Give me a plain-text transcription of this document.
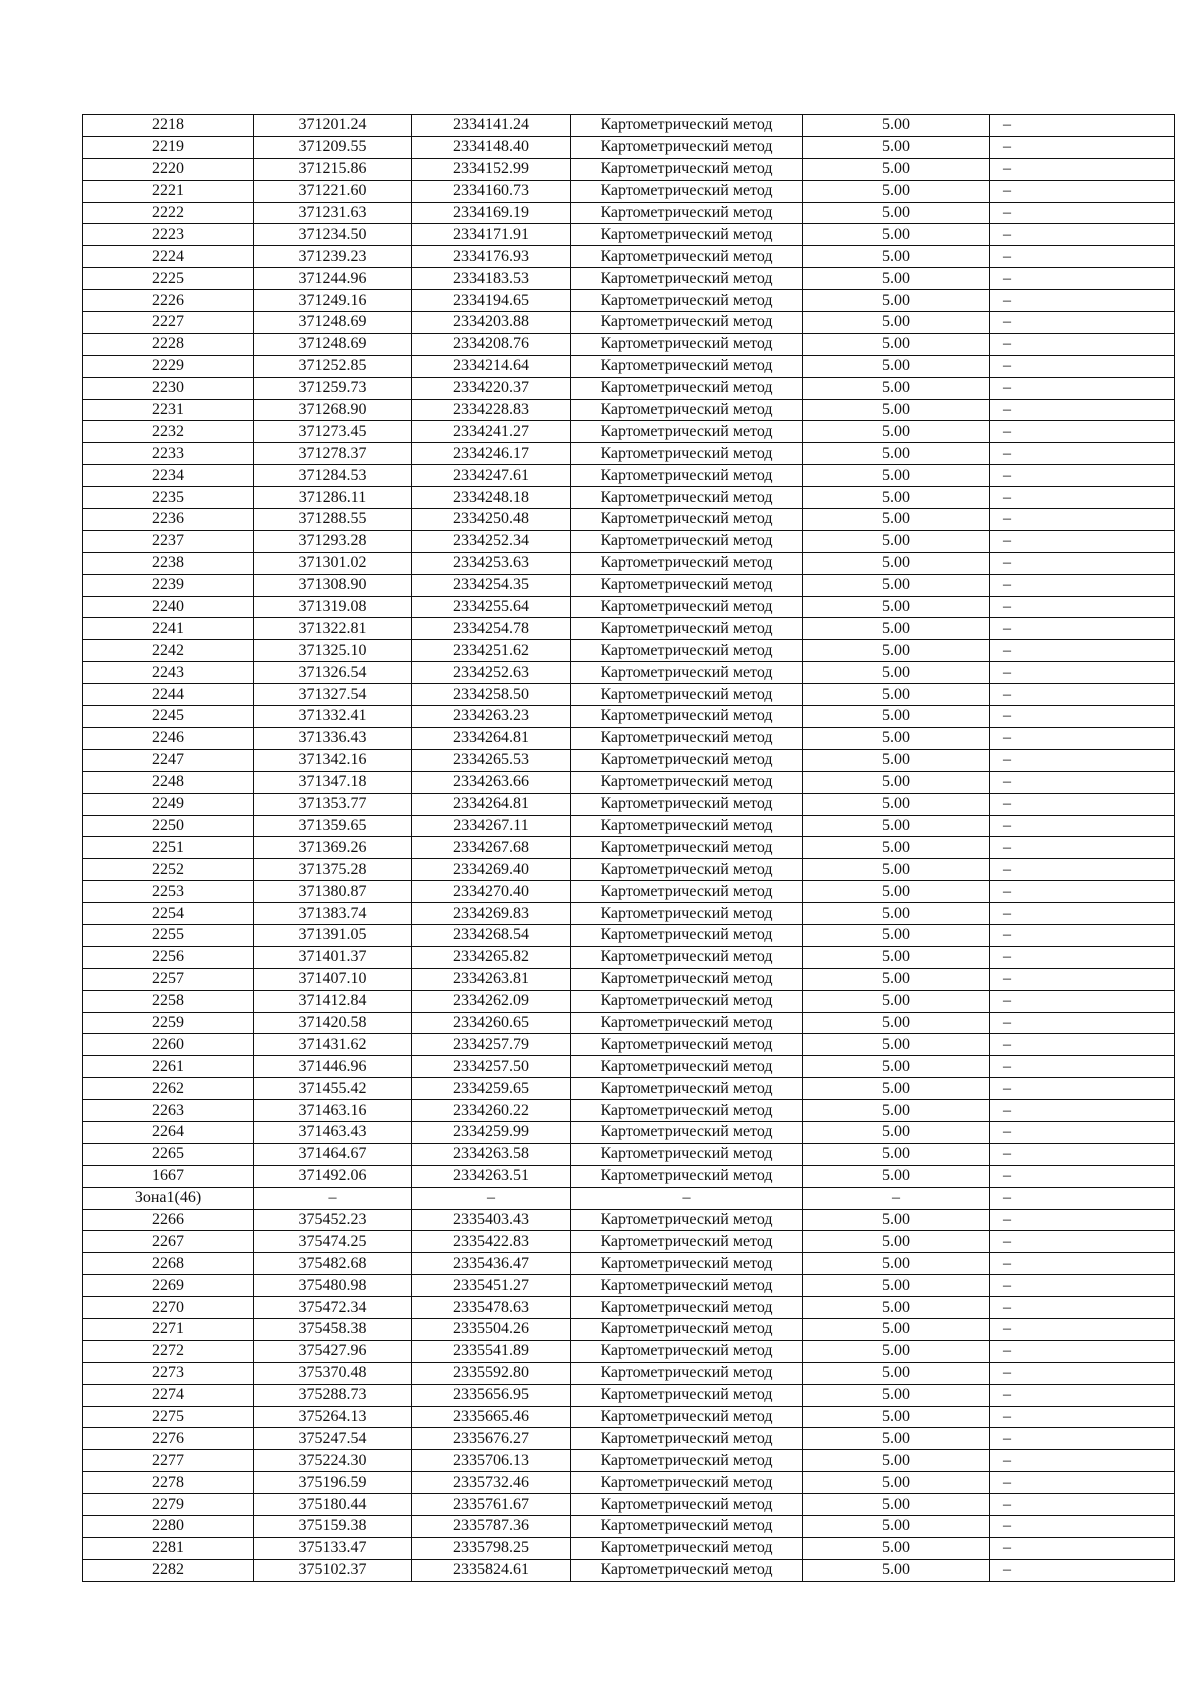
2218	371201.24	2334141.24	Картометрический метод	5.00	–
2219	371209.55	2334148.40	Картометрический метод	5.00	–
2220	371215.86	2334152.99	Картометрический метод	5.00	–
2221	371221.60	2334160.73	Картометрический метод	5.00	–
2222	371231.63	2334169.19	Картометрический метод	5.00	–
2223	371234.50	2334171.91	Картометрический метод	5.00	–
2224	371239.23	2334176.93	Картометрический метод	5.00	–
2225	371244.96	2334183.53	Картометрический метод	5.00	–
2226	371249.16	2334194.65	Картометрический метод	5.00	–
2227	371248.69	2334203.88	Картометрический метод	5.00	–
2228	371248.69	2334208.76	Картометрический метод	5.00	–
2229	371252.85	2334214.64	Картометрический метод	5.00	–
2230	371259.73	2334220.37	Картометрический метод	5.00	–
2231	371268.90	2334228.83	Картометрический метод	5.00	–
2232	371273.45	2334241.27	Картометрический метод	5.00	–
2233	371278.37	2334246.17	Картометрический метод	5.00	–
2234	371284.53	2334247.61	Картометрический метод	5.00	–
2235	371286.11	2334248.18	Картометрический метод	5.00	–
2236	371288.55	2334250.48	Картометрический метод	5.00	–
2237	371293.28	2334252.34	Картометрический метод	5.00	–
2238	371301.02	2334253.63	Картометрический метод	5.00	–
2239	371308.90	2334254.35	Картометрический метод	5.00	–
2240	371319.08	2334255.64	Картометрический метод	5.00	–
2241	371322.81	2334254.78	Картометрический метод	5.00	–
2242	371325.10	2334251.62	Картометрический метод	5.00	–
2243	371326.54	2334252.63	Картометрический метод	5.00	–
2244	371327.54	2334258.50	Картометрический метод	5.00	–
2245	371332.41	2334263.23	Картометрический метод	5.00	–
2246	371336.43	2334264.81	Картометрический метод	5.00	–
2247	371342.16	2334265.53	Картометрический метод	5.00	–
2248	371347.18	2334263.66	Картометрический метод	5.00	–
2249	371353.77	2334264.81	Картометрический метод	5.00	–
2250	371359.65	2334267.11	Картометрический метод	5.00	–
2251	371369.26	2334267.68	Картометрический метод	5.00	–
2252	371375.28	2334269.40	Картометрический метод	5.00	–
2253	371380.87	2334270.40	Картометрический метод	5.00	–
2254	371383.74	2334269.83	Картометрический метод	5.00	–
2255	371391.05	2334268.54	Картометрический метод	5.00	–
2256	371401.37	2334265.82	Картометрический метод	5.00	–
2257	371407.10	2334263.81	Картометрический метод	5.00	–
2258	371412.84	2334262.09	Картометрический метод	5.00	–
2259	371420.58	2334260.65	Картометрический метод	5.00	–
2260	371431.62	2334257.79	Картометрический метод	5.00	–
2261	371446.96	2334257.50	Картометрический метод	5.00	–
2262	371455.42	2334259.65	Картометрический метод	5.00	–
2263	371463.16	2334260.22	Картометрический метод	5.00	–
2264	371463.43	2334259.99	Картометрический метод	5.00	–
2265	371464.67	2334263.58	Картометрический метод	5.00	–
1667	371492.06	2334263.51	Картометрический метод	5.00	–
Зона1(46)	–	–	–	–	–
2266	375452.23	2335403.43	Картометрический метод	5.00	–
2267	375474.25	2335422.83	Картометрический метод	5.00	–
2268	375482.68	2335436.47	Картометрический метод	5.00	–
2269	375480.98	2335451.27	Картометрический метод	5.00	–
2270	375472.34	2335478.63	Картометрический метод	5.00	–
2271	375458.38	2335504.26	Картометрический метод	5.00	–
2272	375427.96	2335541.89	Картометрический метод	5.00	–
2273	375370.48	2335592.80	Картометрический метод	5.00	–
2274	375288.73	2335656.95	Картометрический метод	5.00	–
2275	375264.13	2335665.46	Картометрический метод	5.00	–
2276	375247.54	2335676.27	Картометрический метод	5.00	–
2277	375224.30	2335706.13	Картометрический метод	5.00	–
2278	375196.59	2335732.46	Картометрический метод	5.00	–
2279	375180.44	2335761.67	Картометрический метод	5.00	–
2280	375159.38	2335787.36	Картометрический метод	5.00	–
2281	375133.47	2335798.25	Картометрический метод	5.00	–
2282	375102.37	2335824.61	Картометрический метод	5.00	–
